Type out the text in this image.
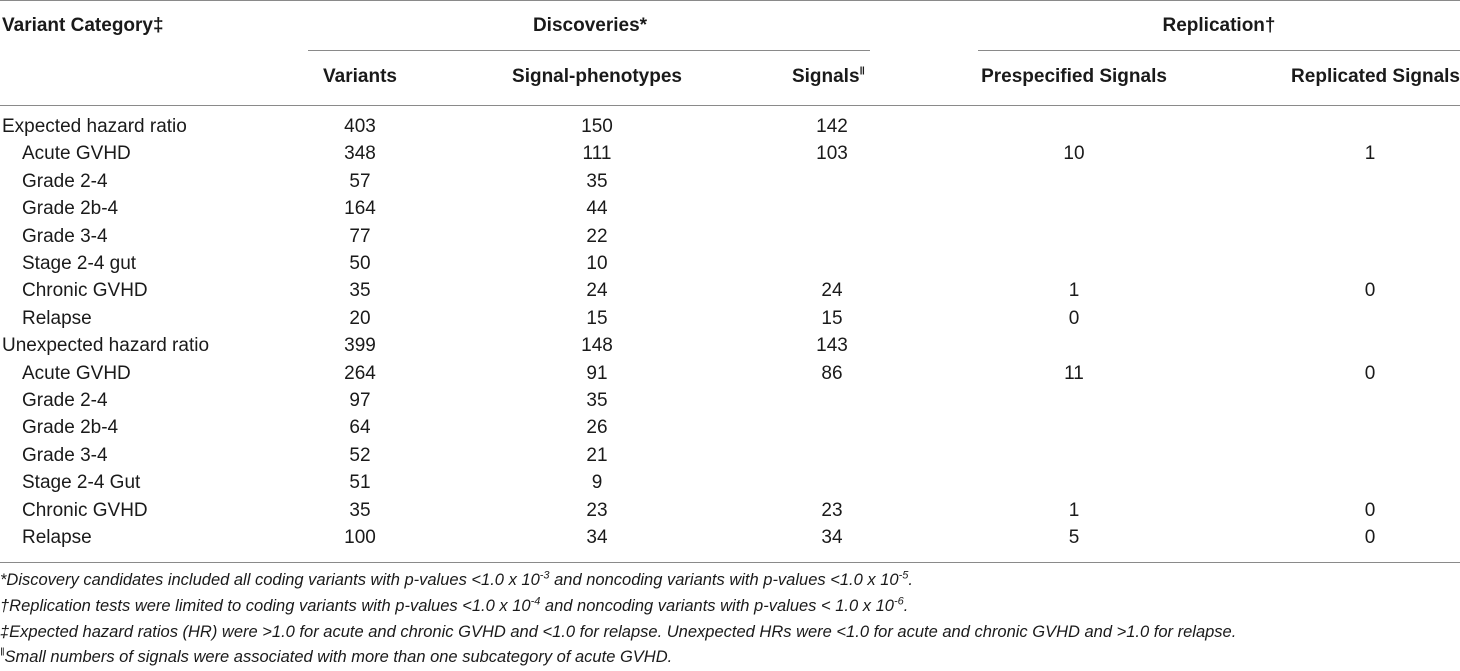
Variant Category‡	Discoveries*	Replication†
Variants	Signal-phenotypes	Signals$^ǁ$	Prespecified Signals	Replicated Signals
Expected hazard ratio	403	150	142
Acute GVHD	348	111	103	10	1
Grade 2-4	57	35
Grade 2b-4	164	44
Grade 3-4	77	22
Stage 2-4 gut	50	10
Chronic GVHD	35	24	24	1	0
Relapse	20	15	15	0
Unexpected hazard ratio	399	148	143
Acute GVHD	264	91	86	11	0
Grade 2-4	97	35
Grade 2b-4	64	26
Grade 3-4	52	21
Stage 2-4 Gut	51	9
Chronic GVHD	35	23	23	1	0
Relapse	100	34	34	5	0
*Discovery candidates included all coding variants with p-values <1.0 x $10^{-3}$ and noncoding variants with p-values <1.0 x $10^{-5}$.
†Replication tests were limited to coding variants with p-values <1.0 x $10^{-4}$ and noncoding variants with p-values < 1.0 x $10^{-6}$.
‡Expected hazard ratios (HR) were >1.0 for acute and chronic GVHD and <1.0 for relapse. Unexpected HRs were <1.0 for acute and chronic GVHD and >1.0 for relapse.
$^ǁ$Small numbers of signals were associated with more than one subcategory of acute GVHD.
